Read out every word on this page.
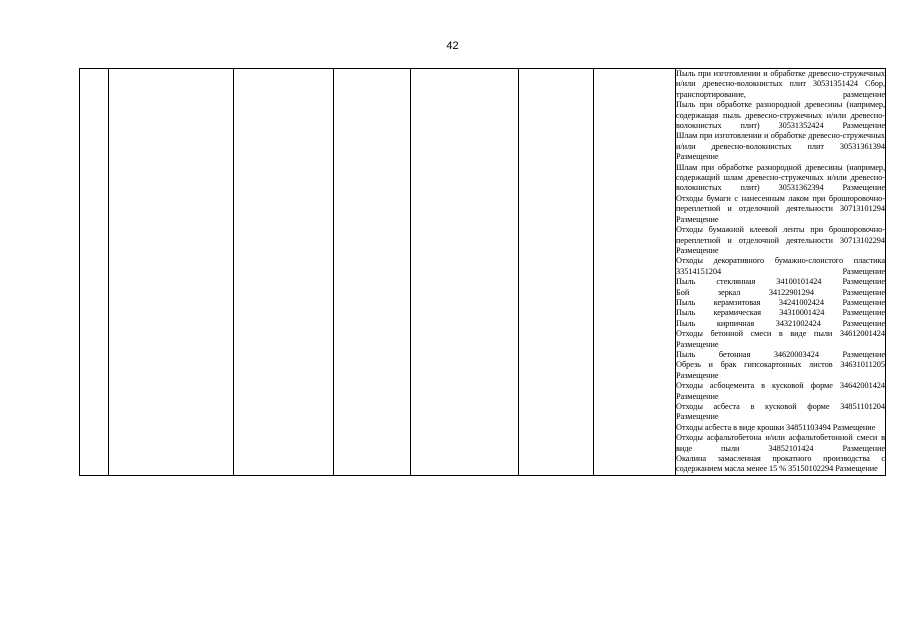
42

Пыль при изготовлении и обработке древесно-стружечных и/или древесно-волокнистых плит 30531351424 Сбор, транспортирование, размещение

Пыль при обработке разнородной древесины (например, содержащая пыль древесно-стружечных и/или древесно-волокнистых плит) 30531352424 Размещение

Шлам при изготовлении и обработке древесно-стружечных и/или древесно-волокнистых плит 30531361394 Размещение

Шлам при обработке разнородной древесины (например, содержащий шлам древесно-стружечных и/или древесно-волокнистых плит) 30531362394 Размещение

Отходы бумаги с нанесенным лаком при брошюровочно-переплетной и отделочной деятельности 30713101294 Размещение

Отходы бумажной клеевой ленты при брошюровочно-переплетной и отделочной деятельности 30713102294 Размещение

Отходы декоративного бумажно-слоистого пластика 33514151204 Размещение

Пыль стеклянная 34100101424 Размещение

Бой зеркал 34122901294 Размещение

Пыль керамзитовая 34241002424 Размещение

Пыль керамическая 34310001424 Размещение

Пыль кирпичная 34321002424 Размещение

Отходы бетонной смеси в виде пыли 34612001424 Размещение

Пыль бетонная 34620003424 Размещение

Обрезь и брак гипсокартонных листов 34631011205 Размещение

Отходы асбоцемента в кусковой форме 34642001424 Размещение

Отходы асбеста в кусковой форме 34851101204 Размещение

Отходы асбеста в виде крошки 34851103494 Размещение

Отходы асфальтобетона и/или асфальтобетонной смеси в виде пыли 34852101424 Размещение

Окалина замасленная прокатного производства с содержанием масла менее 15 % 35150102294 Размещение
